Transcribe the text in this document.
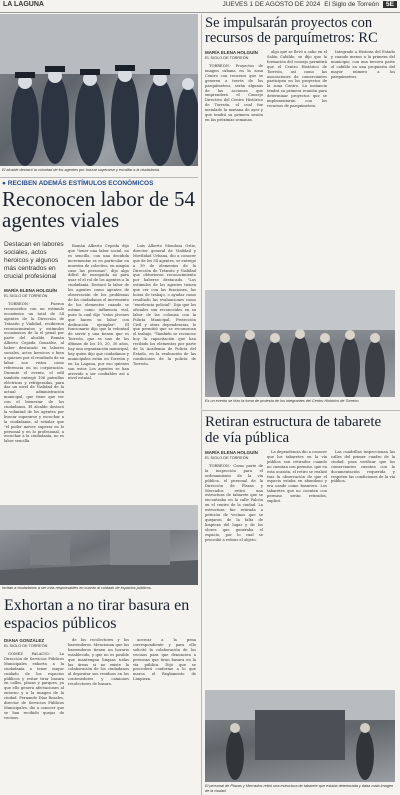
LA LAGUNA	JUEVES 1 DE AGOSTO DE 2024 El Siglo de Torreón	5E
El alcalde destacó la voluntad de los agentes por buscar superarse y escalfar a la ciudadanía.
● RECIBEN ADEMÁS ESTÍMULOS ECONÓMICOS
Reconocen labor de 54 agentes viales
Destacan en labores sociales, actos heroicos y algunos más centrados en crucial profesional
MARÍA ELENA HOLGUÍN
EL SIGLO DE TORREÓN

TORREÓN.- Fueron reconocidos con un estímulo económico un total de 54 agentes de la Dirección de Tránsito y Vialidad, recibieron reconocimientos y estímulos económicos de la el penal por parte del alcalde, Román Alberto Cepeda González, al haber destacado en labores sociales, actos heroicos o bien a quienes por el resultado de su labor son vistos como referencia en su corporación. Durante el evento, el edil también entregó 106 patrullas eléctricas y refrigeradas, para dar un nivel de Vialidad de la actual administración municipal, que tiene que ver con el bienestar de los ciudadanos. El alcalde destacó la voluntad de los agentes por buscar superarse y escuchar a la ciudadanía, al señalar que "el poder mover, superar en lo personal y en lo profesional, a escuchar a la ciudadanía, no es labor sencilla.

Román Alberto Cepeda dijo que "tener una labor social, no es sencillo, con una decidida incrementar es en particular en muestra de colectivo, en ningún caso las personas", dijo algo difícil de enseguida no para usar el el rol de los agentes a la ciudadanía. Destacó la labor de los agentes como agentes de observación de los problemas de los ciudadanos el incremento de los elementos cuando se estime como influencia vial, pues lo cual dijo "estos jóvenes que hacen su labor con dedicación ejemplar". El funcionario dijo que la voluntad de servir y una tienen que es Torreón, que es uno de los últimos de los 10, 20, 30 años, hay una organización municipal, hay quien dijo que ciudadanos y municipales están en Torreón y en La Laguna, por eso quienes son estos Los agentes se han atrevido a ser confiables así a nivel estatal.

Luis Alberto Mendoza Ortiz, director general de Vialidad y Movilidad Urbana, dio a conocer que de los 54 agentes, se entregó a 39 de elementos de la Dirección de Tránsito y Vialidad que obtuvieron reconocimiento por haberse destacado. "Los estimulos de los agentes tienen que ver con las funciones, las horas de trabajo, o ayudar como resultado las evaluaciones como "excelencia policial". Dijo que los oficiales son reconocidos en su labor de las colonias con la Policía Municipal, Protección Civil y otras dependencias, lo que permitió que se reconozcan el trabajo. "También se reconoce hoy la capacitación que han recibido los elementos por parte de la Academia de Policía del Estado, en la evaluación de las condiciones de la policía de Torreón.

Se impulsarán proyectos con recursos de parquímetros: RC
MARÍA ELENA HOLGUÍN
EL SIGLO DE TORREÓN

TORREÓN.- Proyectos de imagen urbana en la zona Centro con recursos que se generen a través de los parquímetros, serán algunas de las acciones que emprenderá el Consejo Directivo del Centro Histórico de Torreón, el cual fue instalado la mañana de ayer y que tendrá su primera sesión en las próximas semanas.

algo que se llevó a cabo en el Salón Cabildo, se dijo que la formación del consejo permitirá que el Centro Histórico de Torreón, así como las asociaciones de comerciantes participen en los proyectos de la zona Centro. La instancia tendrá su primera reunión para determinar proyectos que se implementarán con los recursos de parquímetros.

Integrado a Historia del Estado y cuando menos a la primera del municipio, con una tercera parte el cabildo en una propuesta del mayor número a los parquímetros.

Es un evento se hizo la toma de protesta de los integrantes del Centro Histórico de Torreón.
Invitan a ciudadanos a ser más responsables en cuanto al cuidado de espacios públicos.
Exhortan a no tirar basura en espacios públicos
DIANA GONZÁLEZ
EL SIGLO DE TORREÓN

GÓMEZ PALACIO.- La Dirección de Servicios Públicos Municipales exhorta a la ciudadanía a tener mayor cuidado de los espacios públicos y evitar tirar basura en calles, plazas y parques, ya que ello genera afectaciones al entorno y a la imagen de la ciudad. Fernando Díaz Rosales, director de Servicios Públicos Municipales, dio a conocer que se han recibido quejas de vecinos.

de los recolectores y los barrenderos. Mencionan que los barrenderos tienen un horario establecido, y que no es posible que mantengan limpias todas las áreas si no existe la colaboración de los ciudadanos al depositar sus residuos en los contenedores y camiones recolectores de basura.

acercar a la pena correspondiente y para ello solicitó la colaboración de los vecinos para que denuncien a personas que tiran basura en la vía pública. Dijo que se procederá conforme a lo que marca el Reglamento de Limpieza.

Retiran estructura de tabarete de vía pública
MARÍA ELENA HOLGUÍN
EL SIGLO DE TORREÓN

TORREÓN.- Como parte de la inspección para el ordenamiento de la vía pública, el personal de la Dirección de Plazas y Mercados retiró una estructura de tabarete que se encontraba en la calle Falcón en el centro de la ciudad. La estructura fue retirada a petición de vecinos que se quejaron de la falta de limpieza del lugar y de los olores que generaba el espacio, por lo cual se procedió a retirar el objeto.

La dependencia dio a conocer que los tabaretes en la vía pública son retirados cuando no cuentan con permiso, que en esta ocasión, el retiro se realizó tras la observación de que el espacio estaba en abandono y era usado como basurero. Los tabaretes que no cuenten con permiso serán retirados, explicó.

Las cuadrillas inspeccionan las calles del primer cuadro de la ciudad, para verificar que los comerciantes cuenten con la documentación requerida y respeten las condiciones de la vía pública.

El personal de Plazas y Mercados retiró una estructura de tabarete que estaba deteriorada y daba mala imagen de la ciudad.
